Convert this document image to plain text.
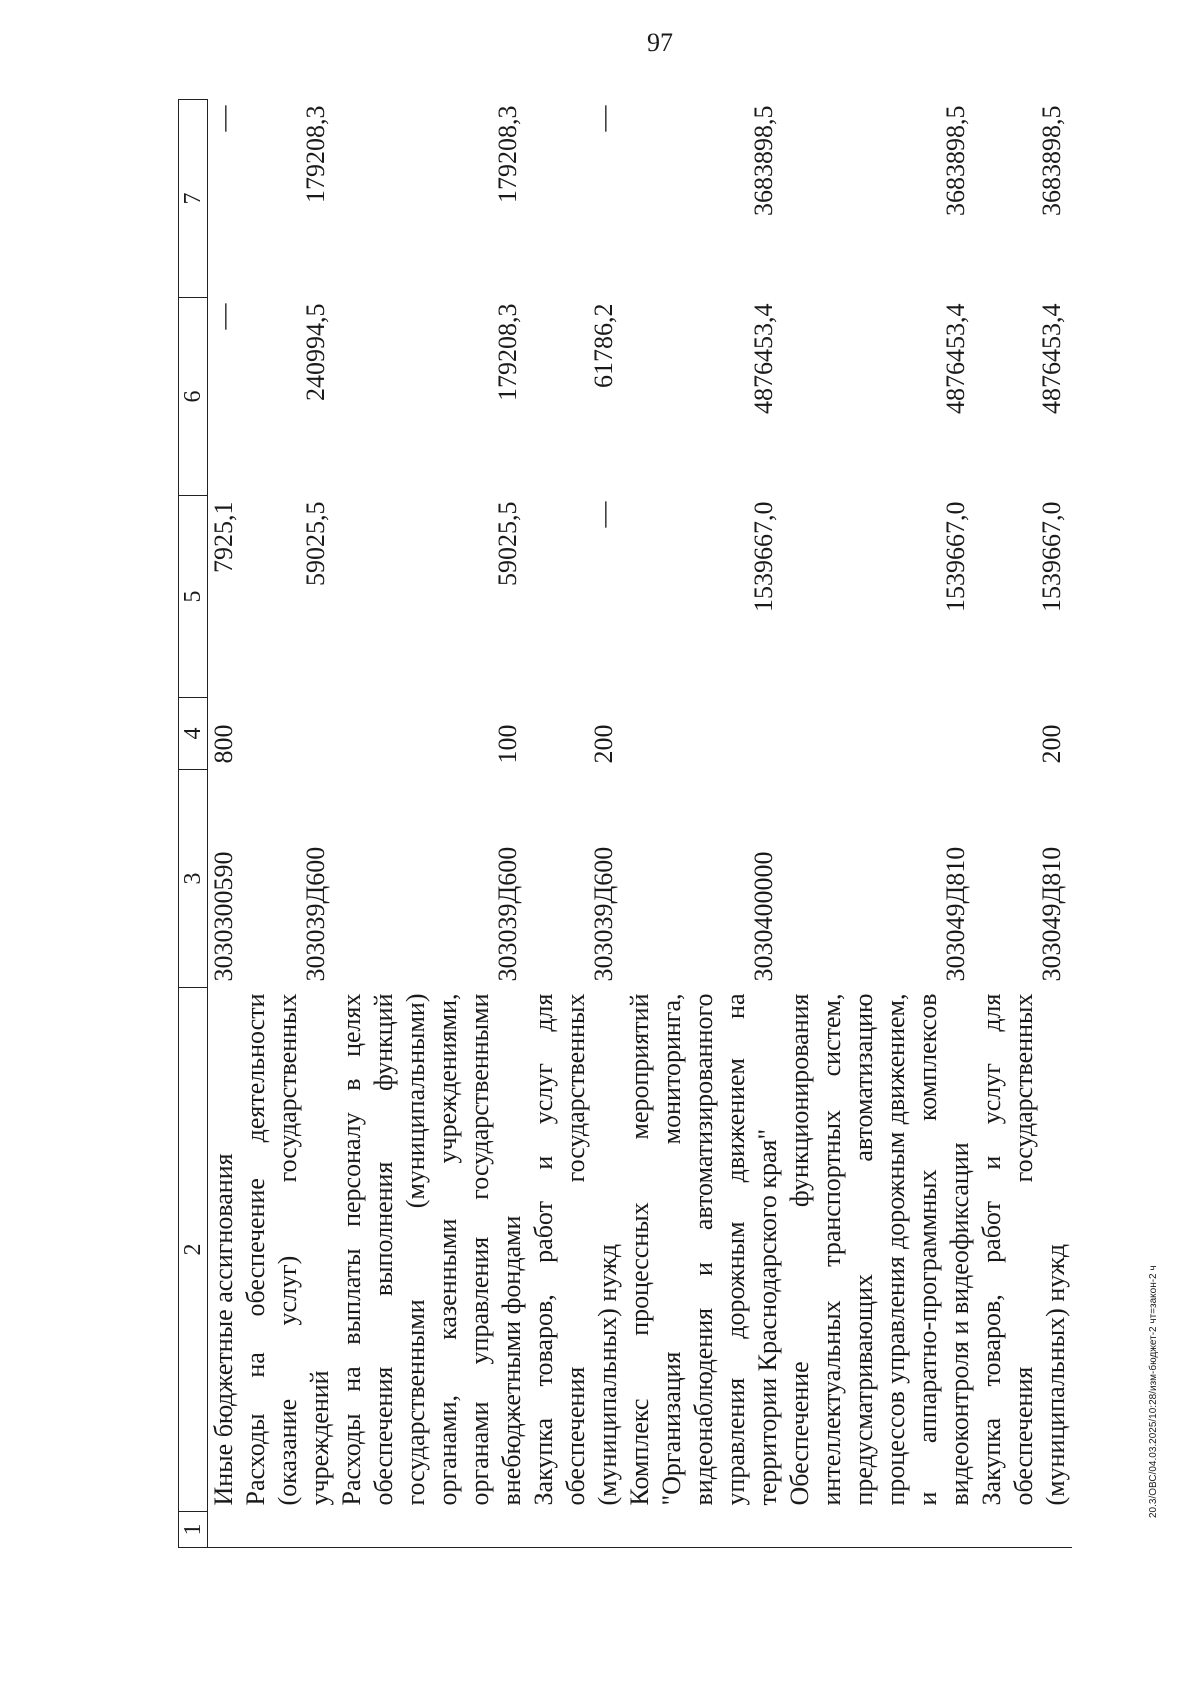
97
1	2	3	4	5	6	7
	Иные бюджетные ассигнования	3030300590	800	7925,1	—	—
	Расходы на обеспечение деятельности (оказание услуг) государственных учреждений	303039Д600		59025,5	240994,5	179208,3
	Расходы на выплаты персоналу в целях обеспечения выполнения функций государственными (муниципальными) органами, казенными учреждениями, органами управления государственными внебюджетными фондами	303039Д600	100	59025,5	179208,3	179208,3
	Закупка товаров, работ и услуг для обеспечения государственных (муниципальных) нужд	303039Д600	200	—	61786,2	—
	Комплекс процессных мероприятий "Организация мониторинга, видеонаблюдения и автоматизированного управления дорожным движением на территории Краснодарского края"	3030400000		1539667,0	4876453,4	3683898,5
	Обеспечение функционирования интеллектуальных транспортных систем, предусматривающих автоматизацию процессов управления дорожным движением, и аппаратно-программных комплексов видеоконтроля и видеофиксации	303049Д810		1539667,0	4876453,4	3683898,5
	Закупка товаров, работ и услуг для обеспечения государственных (муниципальных) нужд	303049Д810	200	1539667,0	4876453,4	3683898,5
20.3/ОВС/04.03.2025/10:28/изм-бюджет-2 чт=закон-2 ч
